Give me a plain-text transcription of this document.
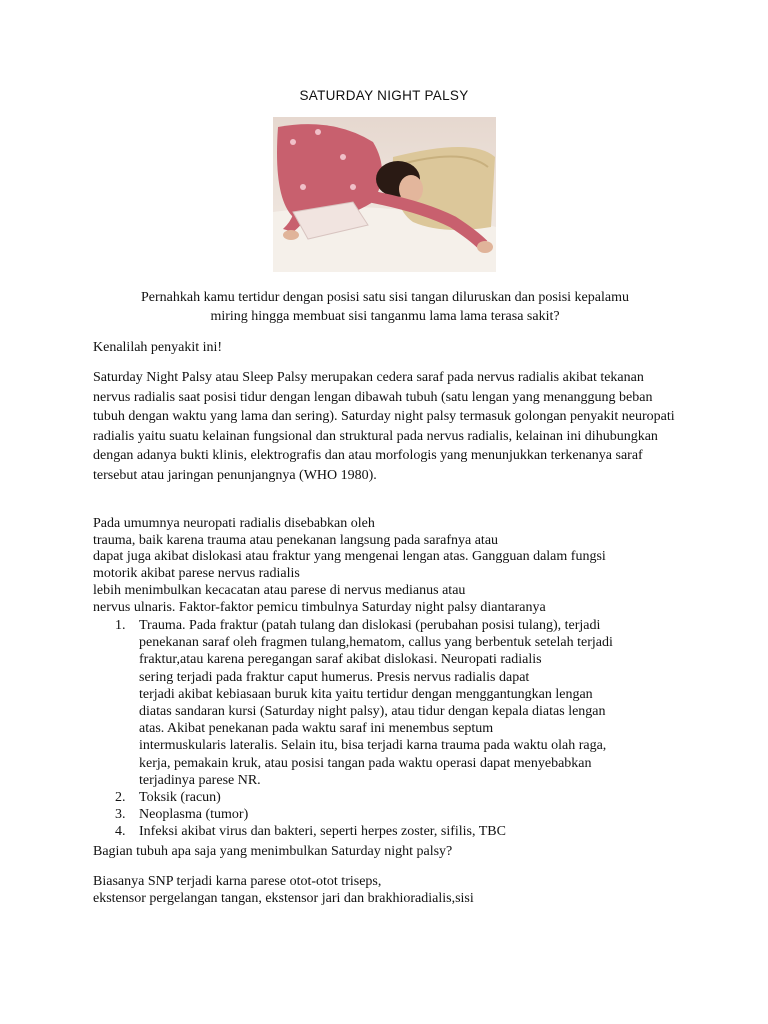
SATURDAY NIGHT PALSY
Pernahkah kamu tertidur dengan posisi satu sisi tangan diluruskan dan posisi kepalamu
miring hingga membuat sisi tanganmu lama lama terasa sakit?
Kenalilah penyakit ini!
Saturday Night Palsy atau Sleep Palsy merupakan cedera saraf pada nervus radialis akibat tekanan nervus radialis saat posisi tidur dengan lengan dibawah tubuh (satu lengan yang menanggung beban tubuh dengan waktu yang lama dan sering). Saturday night palsy termasuk golongan penyakit neuropati radialis yaitu suatu kelainan fungsional dan struktural pada nervus radialis, kelainan ini dihubungkan dengan adanya bukti klinis, elektrografis dan atau morfologis yang menunjukkan terkenanya saraf tersebut atau jaringan penunjangnya (WHO 1980).
Pada umumnya neuropati radialis disebabkan oleh
trauma, baik karena trauma atau penekanan langsung pada sarafnya atau
dapat juga akibat dislokasi atau fraktur yang mengenai lengan atas. Gangguan dalam fungsi
motorik akibat parese nervus radialis
lebih menimbulkan kecacatan atau parese di nervus medianus atau
nervus ulnaris. Faktor-faktor pemicu timbulnya Saturday night palsy diantaranya
1. Trauma. Pada fraktur (patah tulang dan dislokasi (perubahan posisi tulang), terjadi
penekanan saraf oleh fragmen tulang,hematom, callus yang berbentuk setelah terjadi
fraktur,atau karena peregangan saraf akibat dislokasi. Neuropati radialis
sering terjadi pada fraktur caput humerus. Presis nervus radialis dapat
terjadi akibat kebiasaan buruk kita yaitu tertidur dengan menggantungkan lengan
diatas sandaran kursi (Saturday night palsy), atau tidur dengan kepala diatas lengan
atas. Akibat penekanan pada waktu saraf ini menembus septum
intermuskularis lateralis. Selain itu, bisa terjadi karna trauma pada waktu olah raga,
kerja, pemakain kruk, atau posisi tangan pada waktu operasi dapat menyebabkan
terjadinya parese NR.
2. Toksik (racun)
3. Neoplasma (tumor)
4. Infeksi akibat virus dan bakteri, seperti herpes zoster, sifilis, TBC
Bagian tubuh apa saja yang menimbulkan Saturday night palsy?
Biasanya SNP terjadi karna parese otot-otot triseps,
ekstensor pergelangan tangan, ekstensor jari dan brakhioradialis,sisi
